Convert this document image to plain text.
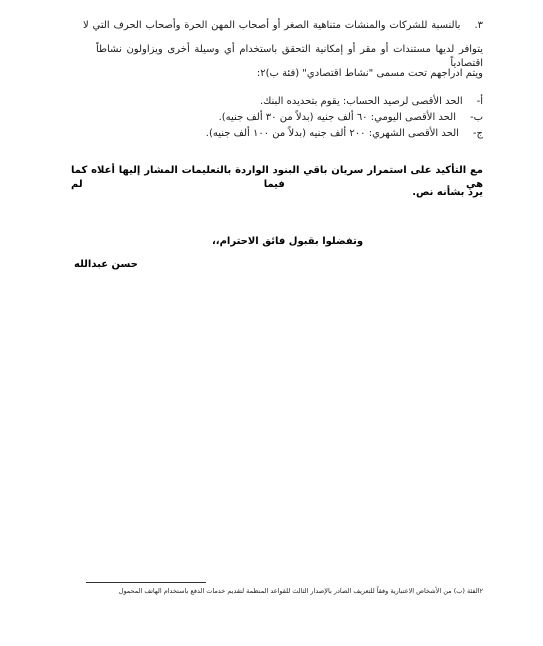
٣.بالنسبة للشركات والمنشات متناهية الصغر أو أصحاب المهن الحرة وأصحاب الحرف التي لا
يتوافر لديها مستندات أو مقر أو إمكانية التحقق باستخدام أي وسيلة أخرى ويزاولون نشاطاً اقتصادياً
ويتم ادراجهم تحت مسمى "نشاط اقتصادي" (فئة ب)٢:
أ-الحد الأقصى لرصيد الحساب: يقوم بتحديده البنك.
ب-الحد الأقصى اليومي: ٦٠ ألف جنيه (بدلاً من ٣٠ ألف جنيه).
ج-الحد الأقصى الشهري: ٢٠٠ ألف جنيه (بدلاً من ١٠٠ ألف جنيه).
مع التأكيد على استمرار سريان باقي البنود الواردة بالتعليمات المشار إليها أعلاه كما هي فيما لم
يرد بشأنه نص.
وتفضلوا بقبول فائق الاحترام،،
حسن عبدالله
٢الفئة (ب) من الأشخاص الاعتبارية وفقاً للتعريف الصادر بالإصدار الثالث للقواعد المنظمة لتقديم خدمات الدفع باستخدام الهاتف المحمول
